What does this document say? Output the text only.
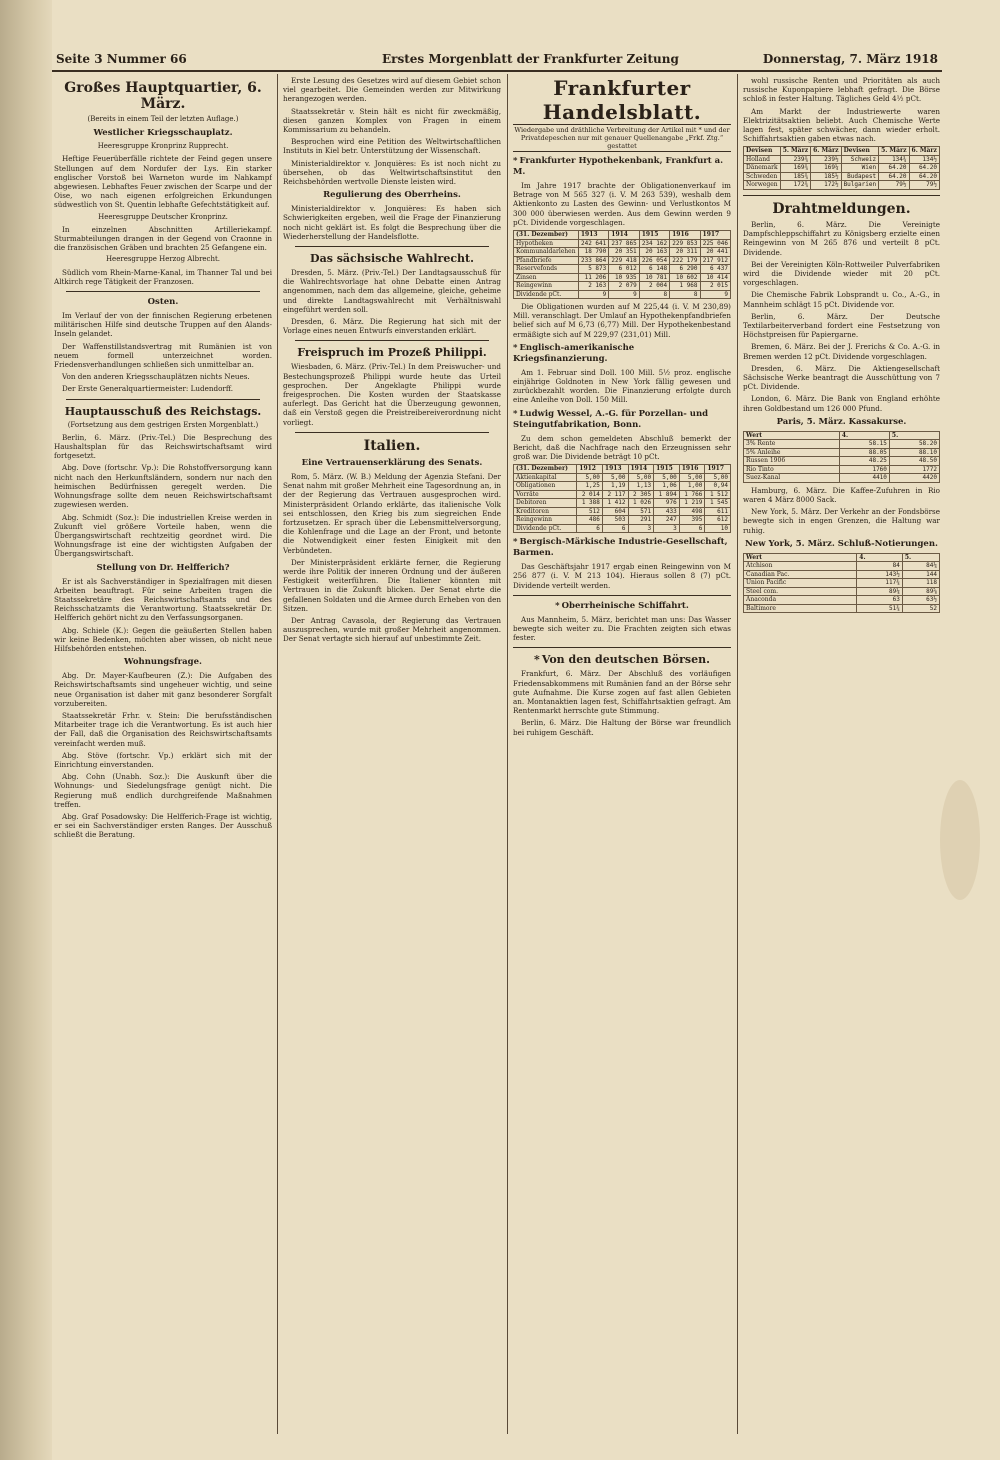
Seite 3 Nummer 66	Erstes Morgenblatt der Frankfurter Zeitung	Donnerstag, 7. März 1918
Großes Hauptquartier, 6. März.
(Bereits in einem Teil der letzten Auflage.)
Westlicher Kriegsschauplatz.
Heeresgruppe Kronprinz Rupprecht.

Heftige Feuerüberfälle richtete der Feind gegen unsere Stellungen auf dem Nordufer der Lys. Ein starker englischer Vorstoß bei Warneton wurde im Nahkampf abgewiesen. Lebhaftes Feuer zwischen der Scarpe und der Oise, wo nach eigenen erfolgreichen Erkundungen südwestlich von St. Quentin lebhafte Gefechtstätigkeit auf.

Heeresgruppe Deutscher Kronprinz.

In einzelnen Abschnitten Artilleriekampf. Sturmabteilungen drangen in der Gegend von Craonne in die französischen Gräben und brachten 25 Gefangene ein.

Heeresgruppe Herzog Albrecht.

Südlich vom Rhein-Marne-Kanal, im Thanner Tal und bei Altkirch rege Tätigkeit der Franzosen.

Osten.

Im Verlauf der von der finnischen Regierung erbetenen militärischen Hilfe sind deutsche Truppen auf den Alands-Inseln gelandet.

Der Waffenstillstandsvertrag mit Rumänien ist von neuem formell unterzeichnet worden. Friedensverhandlungen schließen sich unmittelbar an.

Von den anderen Kriegsschauplätzen nichts Neues.

Der Erste Generalquartiermeister: Ludendorff.

Hauptausschuß des Reichstags.
(Fortsetzung aus dem gestrigen Ersten Morgenblatt.)

Berlin, 6. März. (Priv.-Tel.) Die Besprechung des Haushaltsplan für das Reichswirtschaftsamt wird fortgesetzt.

Abg. Dove (fortschr. Vp.): Die Rohstoffversorgung kann nicht nach den Herkunftsländern, sondern nur nach den heimischen Bedürfnissen geregelt werden. Die Wohnungsfrage sollte dem neuen Reichswirtschaftsamt zugewiesen werden.

Abg. Schmidt (Soz.): Die industriellen Kreise werden in Zukunft viel größere Vorteile haben, wenn die Übergangswirtschaft rechtzeitig geordnet wird. Die Wohnungsfrage ist eine der wichtigsten Aufgaben der Übergangswirtschaft.

Stellung von Dr. Helfferich?

Er ist als Sachverständiger in Spezialfragen mit diesen Arbeiten beauftragt. Für seine Arbeiten tragen die Staatssekretäre des Reichswirtschaftsamts und des Reichsschatzamts die Verantwortung. Staatssekretär Dr. Helfferich gehört nicht zu den Verfassungsorganen.

Abg. Schiele (K.): Gegen die geäußerten Stellen haben wir keine Bedenken, möchten aber wissen, ob nicht neue Hilfsbehörden entstehen.

Wohnungsfrage.

Abg. Dr. Mayer-Kaufbeuren (Z.): Die Aufgaben des Reichswirtschaftsamts sind ungeheuer wichtig, und seine neue Organisation ist daher mit ganz besonderer Sorgfalt vorzubereiten.

Staatssekretär Frhr. v. Stein: Die berufsständischen Mitarbeiter trage ich die Verantwortung. Es ist auch hier der Fall, daß die Organisation des Reichswirtschaftsamts vereinfacht werden muß.

Abg. Stöve (fortschr. Vp.) erklärt sich mit der Einrichtung einverstanden.

Abg. Cohn (Unabh. Soz.): Die Auskunft über die Wohnungs- und Siedelungsfrage genügt nicht. Die Regierung muß endlich durchgreifende Maßnahmen treffen.

Abg. Graf Posadowsky: Die Helfferich-Frage ist wichtig, er sei ein Sachverständiger ersten Ranges. Der Ausschuß schließt die Beratung.

Erste Lesung des Gesetzes wird auf diesem Gebiet schon viel gearbeitet. Die Gemeinden werden zur Mitwirkung herangezogen werden.

Staatssekretär v. Stein hält es nicht für zweckmäßig, diesen ganzen Komplex von Fragen in einem Kommissarium zu behandeln.

Besprochen wird eine Petition des Weltwirtschaftlichen Instituts in Kiel betr. Unterstützung der Wissenschaft.

Ministerialdirektor v. Jonquières: Es ist noch nicht zu übersehen, ob das Weltwirtschaftsinstitut den Reichsbehörden wertvolle Dienste leisten wird.

Regulierung des Oberrheins.

Ministerialdirektor v. Jonquières: Es haben sich Schwierigkeiten ergeben, weil die Frage der Finanzierung noch nicht geklärt ist. Es folgt die Besprechung über die Wiederherstellung der Handelsflotte.

Das sächsische Wahlrecht.

Dresden, 5. März. (Priv.-Tel.) Der Landtagsausschuß für die Wahlrechtsvorlage hat ohne Debatte einen Antrag angenommen, nach dem das allgemeine, gleiche, geheime und direkte Landtagswahlrecht mit Verhältniswahl eingeführt werden soll.

Dresden, 6. März. Die Regierung hat sich mit der Vorlage eines neuen Entwurfs einverstanden erklärt.

Freispruch im Prozeß Philippi.

Wiesbaden, 6. März. (Priv.-Tel.) In dem Preiswucher- und Bestechungsprozeß Philippi wurde heute das Urteil gesprochen. Der Angeklagte Philippi wurde freigesprochen. Die Kosten wurden der Staatskasse auferlegt. Das Gericht hat die Überzeugung gewonnen, daß ein Verstoß gegen die Preistreibereiverordnung nicht vorliegt.

Italien.
Eine Vertrauenserklärung des Senats.

Rom, 5. März. (W. B.) Meldung der Agenzia Stefani. Der Senat nahm mit großer Mehrheit eine Tagesordnung an, in der der Regierung das Vertrauen ausgesprochen wird. Ministerpräsident Orlando erklärte, das italienische Volk sei entschlossen, den Krieg bis zum siegreichen Ende fortzusetzen. Er sprach über die Lebensmittelversorgung, die Kohlenfrage und die Lage an der Front, und betonte die Notwendigkeit einer festen Einigkeit mit den Verbündeten.

Der Ministerpräsident erklärte ferner, die Regierung werde ihre Politik der inneren Ordnung und der äußeren Festigkeit weiterführen. Die Italiener könnten mit Vertrauen in die Zukunft blicken. Der Senat ehrte die gefallenen Soldaten und die Armee durch Erheben von den Sitzen.

Der Antrag Cavasola, der Regierung das Vertrauen auszusprechen, wurde mit großer Mehrheit angenommen. Der Senat vertagte sich hierauf auf unbestimmte Zeit.

Frankfurter Handelsblatt.
Wiedergabe und dräthliche Verbreitung der Artikel mit * und der Privatdepeschen nur mit genauer Quellenangabe „Frkf. Ztg.“ gestattet
* Frankfurter Hypothekenbank, Frankfurt a. M.

Im Jahre 1917 brachte der Obligationenverkauf im Betrage von M 565 327 (i. V. M 263 539), weshalb dem Aktienkonto zu Lasten des Gewinn- und Verlustkontos M 300 000 überwiesen werden. Aus dem Gewinn werden 9 pCt. Dividende vorgeschlagen.

(31. Dezember)	1913	1914	1915	1916	1917
Hypotheken	242 641	237 865	234 162	229 853	225 046
Kommunaldarlehen	18 790	20 351	20 163	20 311	20 441
Pfandbriefe	233 864	229 418	226 054	222 179	217 912
Reservefonds	5 873	6 012	6 148	6 290	6 437
Zinsen	11 206	10 935	10 781	10 602	10 414
Reingewinn	2 163	2 079	2 004	1 968	2 015
Dividende pCt.	9	9	8	8	9

Die Obligationen wurden auf M 225,44 (i. V. M 230,89) Mill. veranschlagt. Der Umlauf an Hypothekenpfandbriefen belief sich auf M 6,73 (6,77) Mill. Der Hypothekenbestand ermäßigte sich auf M 229,97 (231,01) Mill.

* Englisch-amerikanische Kriegsfinanzierung.

Am 1. Februar sind Doll. 100 Mill. 5½ proz. englische einjährige Goldnoten in New York fällig gewesen und zurückbezahlt worden. Die Finanzierung erfolgte durch eine Anleihe von Doll. 150 Mill.

* Ludwig Wessel, A.-G. für Porzellan- und Steingutfabrikation, Bonn.

Zu dem schon gemeldeten Abschluß bemerkt der Bericht, daß die Nachfrage nach den Erzeugnissen sehr groß war. Die Dividende beträgt 10 pCt.

(31. Dezember)	1912	1913	1914	1915	1916	1917
Aktienkapital	5,00	5,00	5,00	5,00	5,00	5,00
Obligationen	1,25	1,19	1,13	1,06	1,00	0,94
Vorräte	2 014	2 117	2 305	1 894	1 766	1 512
Debitoren	1 388	1 412	1 026	976	1 219	1 545
Kreditoren	512	604	571	433	498	611
Reingewinn	486	503	291	247	395	612
Dividende pCt.	6	6	3	3	6	10
* Bergisch-Märkische Industrie-Gesellschaft, Barmen.

Das Geschäftsjahr 1917 ergab einen Reingewinn von M 256 877 (i. V. M 213 104). Hieraus sollen 8 (7) pCt. Dividende verteilt werden.

* Oberrheinische Schiffahrt.

Aus Mannheim, 5. März, berichtet man uns: Das Wasser bewegte sich weiter zu. Die Frachten zeigten sich etwas fester.

* Von den deutschen Börsen.

Frankfurt, 6. März. Der Abschluß des vorläufigen Friedensabkommens mit Rumänien fand an der Börse sehr gute Aufnahme. Die Kurse zogen auf fast allen Gebieten an. Montanaktien lagen fest, Schiffahrtsaktien gefragt. Am Rentenmarkt herrschte gute Stimmung.

Berlin, 6. März. Die Haltung der Börse war freundlich bei ruhigem Geschäft.

wohl russische Renten und Prioritäten als auch russische Kuponpapiere lebhaft gefragt. Die Börse schloß in fester Haltung. Tägliches Geld 4½ pCt.

Am Markt der Industriewerte waren Elektrizitätsaktien beliebt. Auch Chemische Werte lagen fest, später schwächer, dann wieder erholt. Schiffahrtsaktien gaben etwas nach.

Devisen	5. März	6. März	Devisen	5. März	6. März
Holland	239¾	239½	Schweiz	134¾	134½
Dänemark	169¾	169¼	Wien	64.20	64.20
Schweden	185¾	185½	Budapest	64.20	64.20
Norwegen	172¾	172½	Bulgarien	79½	79½
Drahtmeldungen.

Berlin, 6. März. Die Vereinigte Dampfschleppschiffahrt zu Königsberg erzielte einen Reingewinn von M 265 876 und verteilt 8 pCt. Dividende.

Bei der Vereinigten Köln-Rottweiler Pulverfabriken wird die Dividende wieder mit 20 pCt. vorgeschlagen.

Die Chemische Fabrik Lobsprandt u. Co., A.-G., in Mannheim schlägt 15 pCt. Dividende vor.

Berlin, 6. März. Der Deutsche Textilarbeiterverband fordert eine Festsetzung von Höchstpreisen für Papiergarne.

Bremen, 6. März. Bei der J. Frerichs & Co. A.-G. in Bremen werden 12 pCt. Dividende vorgeschlagen.

Dresden, 6. März. Die Aktiengesellschaft Sächsische Werke beantragt die Ausschüttung von 7 pCt. Dividende.

London, 6. März. Die Bank von England erhöhte ihren Goldbestand um 126 000 Pfund.

Paris, 5. März. Kassakurse.
Wert	4.	5.
3% Rente	58.15	58.20
5% Anleihe	88.05	88.10
Russen 1906	48.25	48.50
Rio Tinto	1760	1772
Suez-Kanal	4410	4420

Hamburg, 6. März. Die Kaffee-Zufuhren in Rio waren 4 März 8000 Sack.

New York, 5. März. Der Verkehr an der Fondsbörse bewegte sich in engen Grenzen, die Haltung war ruhig.

New York, 5. März. Schluß-Notierungen.
Wert	4.	5.
Atchison	84	84¼
Canadian Pac.	143½	144
Union Pacific	117¾	118
Steel com.	89¼	89⅝
Anaconda	63	63½
Baltimore	51¾	52
